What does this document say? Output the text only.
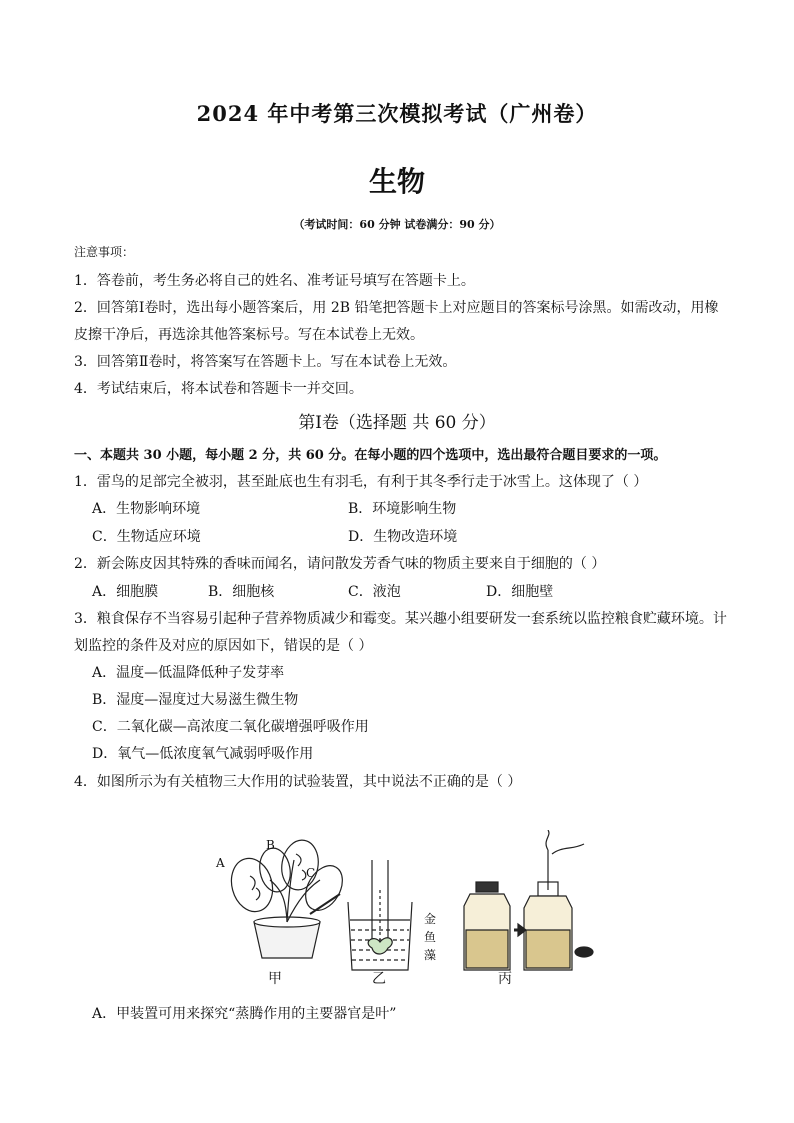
2024 年中考第三次模拟考试（广州卷）
生物
（考试时间：60 分钟 试卷满分：90 分）
注意事项：
1．答卷前，考生务必将自己的姓名、准考证号填写在答题卡上。
2．回答第Ⅰ卷时，选出每小题答案后，用 2B 铅笔把答题卡上对应题目的答案标号涂黑。如需改动，用橡
皮擦干净后，再选涂其他答案标号。写在本试卷上无效。
3．回答第Ⅱ卷时，将答案写在答题卡上。写在本试卷上无效。
4．考试结束后，将本试卷和答题卡一并交回。
第Ⅰ卷（选择题 共 60 分）
一、本题共 30 小题，每小题 2 分，共 60 分。在每小题的四个选项中，选出最符合题目要求的一项。
1．雷鸟的足部完全被羽，甚至趾底也生有羽毛，有利于其冬季行走于冰雪上。这体现了（ ）
A．生物影响环境	B．环境影响生物
C．生物适应环境	D．生物改造环境
2．新会陈皮因其特殊的香味而闻名，请问散发芳香气味的物质主要来自于细胞的（ ）
A．细胞膜	B．细胞核	C．液泡	D．细胞壁
3．粮食保存不当容易引起种子营养物质减少和霉变。某兴趣小组要研发一套系统以监控粮食贮藏环境。计
划监控的条件及对应的原因如下，错误的是（ ）
A．温度—低温降低种子发芽率
B．湿度—湿度过大易滋生微生物
C．二氧化碳—高浓度二氧化碳增强呼吸作用
D．氧气—低浓度氧气减弱呼吸作用
4．如图所示为有关植物三大作用的试验装置，其中说法不正确的是（ ）
A
B
C
金
鱼
藻
甲	乙	丙
A．甲装置可用来探究“蒸腾作用的主要器官是叶”
